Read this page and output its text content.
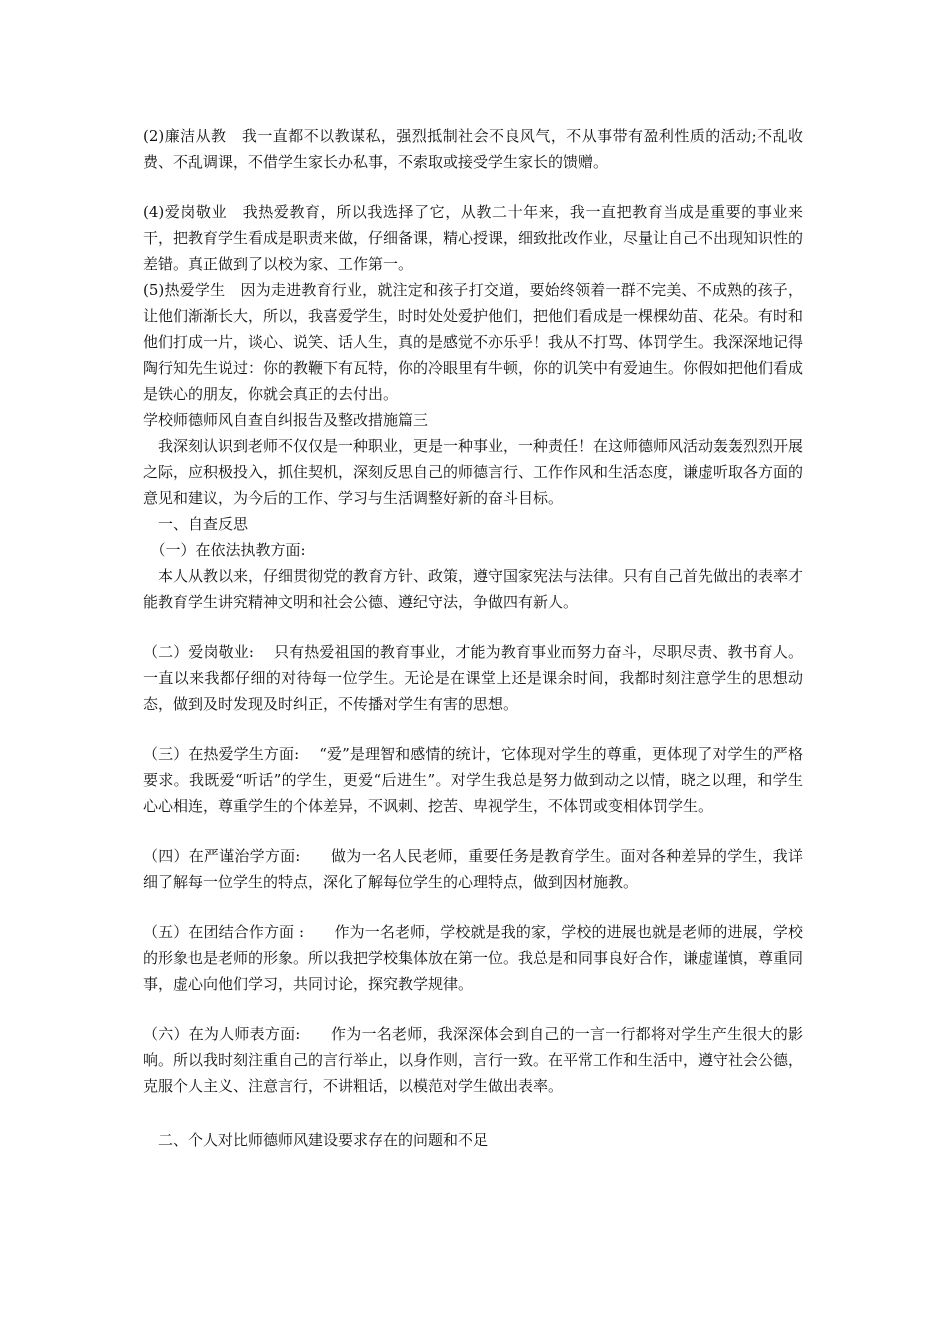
(2)廉洁从教　我一直都不以教谋私，强烈抵制社会不良风气，不从事带有盈利性质的活动;不乱收费、不乱调课，不借学生家长办私事，不索取或接受学生家长的馈赠。

(4)爱岗敬业　我热爱教育，所以我选择了它，从教二十年来，我一直把教育当成是重要的事业来干，把教育学生看成是职责来做，仔细备课，精心授课，细致批改作业，尽量让自己不出现知识性的差错。真正做到了以校为家、工作第一。

(5)热爱学生　因为走进教育行业，就注定和孩子打交道，要始终领着一群不完美、不成熟的孩子，让他们渐渐长大，所以，我喜爱学生，时时处处爱护他们，把他们看成是一棵棵幼苗、花朵。有时和他们打成一片，谈心、说笑、话人生，真的是感觉不亦乐乎！我从不打骂、体罚学生。我深深地记得陶行知先生说过：你的教鞭下有瓦特，你的冷眼里有牛顿，你的讥笑中有爱迪生。你假如把他们看成是铁心的朋友，你就会真正的去付出。

学校师德师风自查自纠报告及整改措施篇三

　我深刻认识到老师不仅仅是一种职业，更是一种事业，一种责任！在这师德师风活动轰轰烈烈开展之际，应积极投入，抓住契机，深刻反思自己的师德言行、工作作风和生活态度，谦虚听取各方面的意见和建议，为今后的工作、学习与生活调整好新的奋斗目标。

　一、自查反思

　（一）在依法执教方面:

　本人从教以来，仔细贯彻党的教育方针、政策，遵守国家宪法与法律。只有自己首先做出的表率才能教育学生讲究精神文明和社会公德、遵纪守法，争做四有新人。

（二）爱岗敬业:　 只有热爱祖国的教育事业，才能为教育事业而努力奋斗，尽职尽责、教书育人。一直以来我都仔细的对待每一位学生。无论是在课堂上还是课余时间，我都时刻注意学生的思想动态，做到及时发现及时纠正，不传播对学生有害的思想。

（三）在热爱学生方面:　 “爱”是理智和感情的统计，它体现对学生的尊重，更体现了对学生的严格要求。我既爱“听话”的学生，更爱“后进生”。对学生我总是努力做到动之以情，晓之以理，和学生心心相连，尊重学生的个体差异，不讽刺、挖苦、卑视学生，不体罚或变相体罚学生。

（四）在严谨治学方面:　　做为一名人民老师，重要任务是教育学生。面对各种差异的学生，我详细了解每一位学生的特点，深化了解每位学生的心理特点，做到因材施教。

（五）在团结合作方面 :　　作为一名老师，学校就是我的家，学校的进展也就是老师的进展，学校的形象也是老师的形象。所以我把学校集体放在第一位。我总是和同事良好合作，谦虚谨慎，尊重同事，虚心向他们学习，共同讨论，探究教学规律。

（六）在为人师表方面:　　作为一名老师，我深深体会到自己的一言一行都将对学生产生很大的影响。所以我时刻注重自己的言行举止，以身作则，言行一致。在平常工作和生活中，遵守社会公德，克服个人主义、注意言行，不讲粗话，以模范对学生做出表率。

　二、个人对比师德师风建设要求存在的问题和不足
